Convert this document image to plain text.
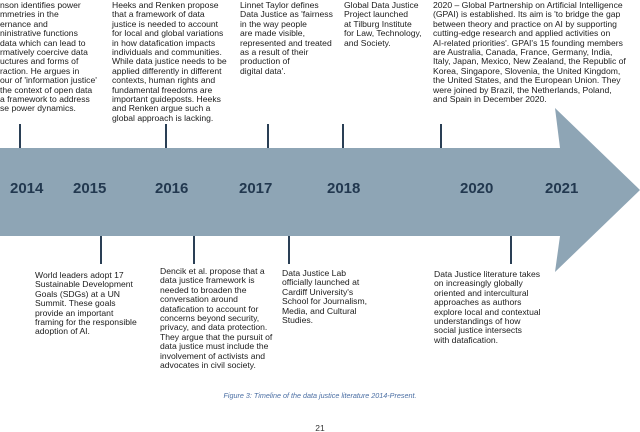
2014 2015	2016	2017	2018	2020	2021

nson identifies power
mmetries in the
ernance and
ninistrative functions
data which can lead to
rmatively coercive data
uctures and forms of
raction. He argues in
our of 'information justice'
the context of open data
a framework to address
se power dynamics.

Heeks and Renken propose
that a framework of data
justice is needed to account
for local and global variations
in how datafication impacts
individuals and communities.
While data justice needs to be
applied differently in different
contexts, human rights and
fundamental freedoms are
important guideposts. Heeks
and Renken argue such a
global approach is lacking.

Linnet Taylor defines
Data Justice as 'fairness
in the way people
are made visible,
represented and treated
as a result of their
production of
digital data'.

Global Data Justice
Project launched
at Tilburg Institute
for Law, Technology,
and Society.

2020 – Global Partnership on Artificial Intelligence
(GPAI) is established. Its aim is 'to bridge the gap
between theory and practice on AI by supporting
cutting-edge research and applied activities on
AI-related priorities'. GPAI's 15 founding members
are Australia, Canada, France, Germany, India,
Italy, Japan, Mexico, New Zealand, the Republic of
Korea, Singapore, Slovenia, the United Kingdom,
the United States, and the European Union. They
were joined by Brazil, the Netherlands, Poland,
and Spain in December 2020.

World leaders adopt 17
Sustainable Development
Goals (SDGs) at a UN
Summit. These goals
provide an important
framing for the responsible
adoption of AI.

Dencik et al. propose that a
data justice framework is
needed to broaden the
conversation around
datafication to account for
concerns beyond security,
privacy, and data protection.
They argue that the pursuit of
data justice must include the
involvement of activists and
advocates in civil society.

Data Justice Lab
officially launched at
Cardiff University's
School for Journalism,
Media, and Cultural
Studies.

Data Justice literature takes
on increasingly globally
oriented and intercultural
approaches as authors
explore local and contextual
understandings of how
social justice intersects
with datafication.

Figure 3: Timeline of the data justice literature 2014-Present.

21
